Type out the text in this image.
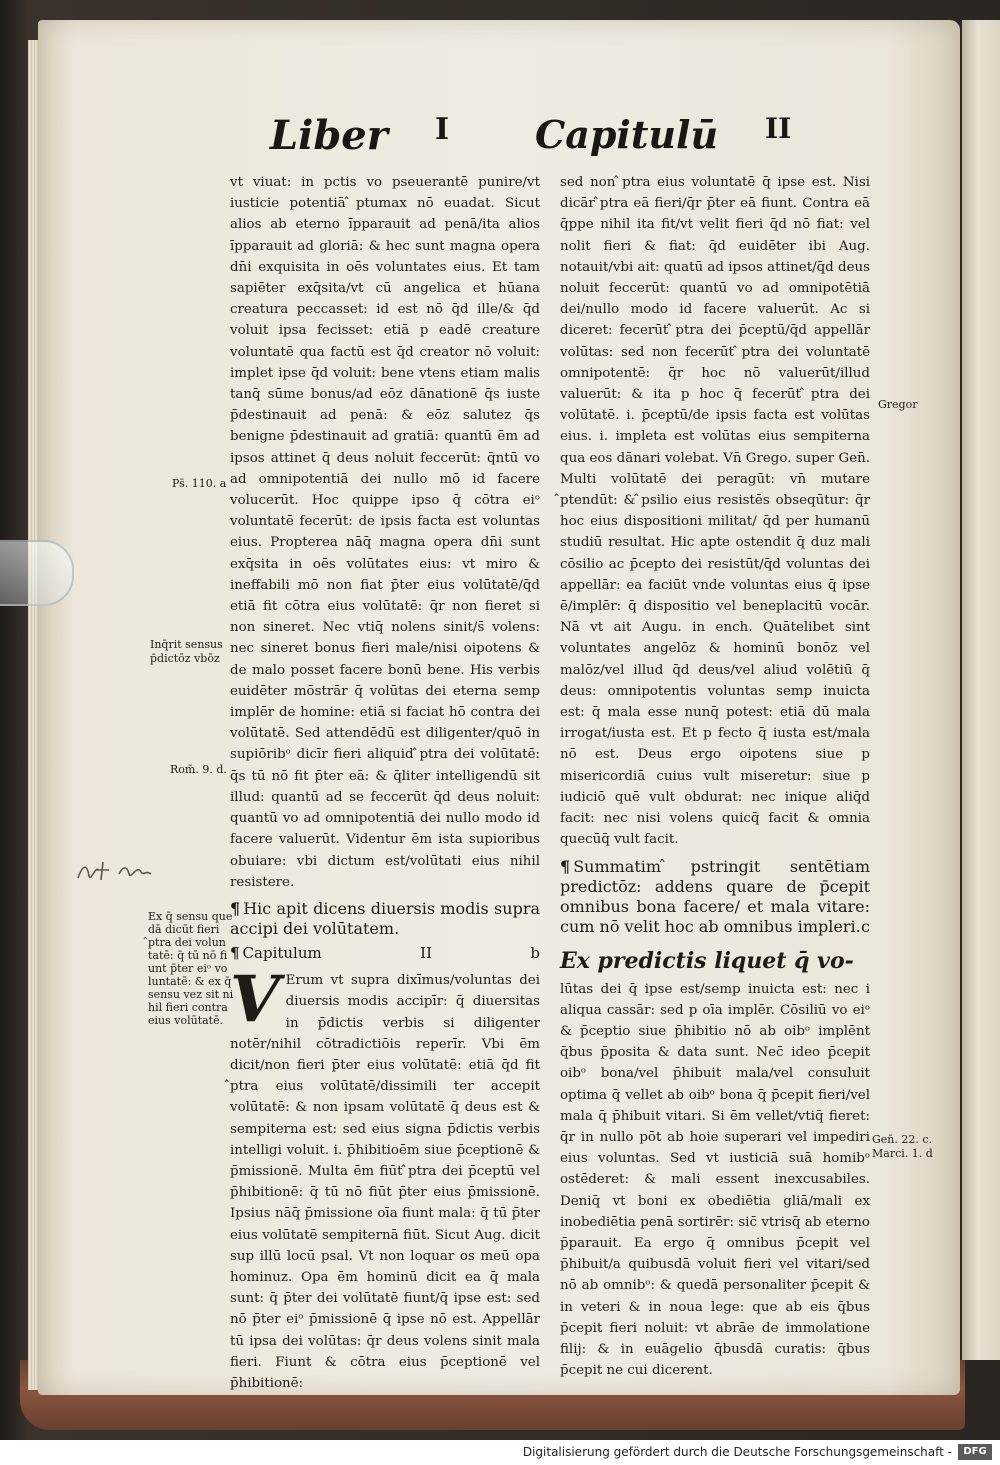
Liber I Capitulū II

vt viuat: in pctis vo pseuerantē punire/vt iusticie potentiā ̂ptumax nō euadat. Sicut alios ab eterno ı̄pparauit ad penā/ita alios ı̄pparauit ad gloriā: & hec sunt magna opera dn̄i exquisita in oēs voluntates eius. Et tam sapiēter exq̄sita/vt cū angelica et hūana creatura peccasset: id est nō q̄d ille/& q̄d voluit ipsa fecisset: etiā p eadē creature voluntatē qua factū est q̄d creator nō voluit: implet ipse q̄d voluit: bene vtens etiam malis tanq̄ sūme bonus/ad eōz dānationē q̄s iuste p̄destinauit ad penā: & eōz salutez q̄s benigne p̄destinauit ad gratiā: quantū ēm ad ipsos attinet q̄ deus noluit feccerūt: q̄ntū vo ad omnipotentiā dei nullo mō id facere volucerūt. Hoc quippe ipso q̄ cōtra eiᵒ voluntatē fecerūt: de ipsis facta est voluntas eius. Propterea nāq̄ magna opera dn̄i sunt exq̄sita in oēs volūtates eius: vt miro & ineffabili mō non fiat p̄ter eius volūtatē/q̄d etiā fit cōtra eius volūtatē: q̄r non fieret si non sineret. Nec vtiq̄ nolens sinit/s̄ volens: nec sineret bonus fieri male/nisi oipotens & de malo posset facere bonū bene. His verbis euidēter mōstrār q̄ volūtas dei eterna semp implēr de homine: etiā si faciat hō contra dei volūtatē. Sed attendēdū est diligenter/quō in supiōribᵒ dicīr fieri aliquid ̂ptra dei volūtatē: q̄s tū nō fit p̄ter eā: & q̄liter intelligendū sit illud: quantū ad se feccerūt q̄d deus noluit: quantū vo ad omnipotentiā dei nullo modo id facere valuerūt. Videntur ēm ista supioribus obuiare: vbi dictum est/volūtati eius nihil resistere.

¶ Hic apit dicens diuersis modis supra accipi dei volūtatem.

¶ Capitulum	II	b

V Erum vt supra dixīmus/voluntas dei diuersis modis accipīr: q̄ diuersitas in p̄dictis verbis si diligenter notēr/nihil cōtradictiōis reperīr. Vbi ēm dicit/non fieri p̄ter eius volūtatē: etiā q̄d fit ̂ptra eius volūtatē/dissimili ter accepit volūtatē: & non ipsam volūtatē q̄ deus est & sempiterna est: sed eius signa p̄dictis verbis intelligi voluit. i. p̄hibitioēm siue p̄ceptionē & p̄missionē. Multa ēm fiūt ̂ptra dei p̄ceptū vel p̄hibitionē: q̄ tū nō fiūt p̄ter eius p̄missionē. Ipsius nāq̄ p̄missione oīa fiunt mala: q̄ tū p̄ter eius volūtatē sempiternā fiūt. Sicut Aug. dicit sup illū locū psal. Vt non loquar os meū opa hominuz. Opa ēm hominū dicit ea q̄ mala sunt: q̄ p̄ter dei volūtatē fiunt/q̄ ipse est: sed nō p̄ter eiᵒ p̄missionē q̄ ipse nō est. Appellār tū ipsa dei volūtas: q̄r deus volens sinit mala fieri. Fiunt & cōtra eius p̄ceptionē vel p̄hibitionē:

sed non ̂ptra eius voluntatē q̄ ipse est. Nisi dicār ̂ptra eā fieri/q̄r p̄ter eā fiunt. Contra eā q̄ppe nihil ita fit/vt velit fieri q̄d nō fiat: vel nolit fieri & fiat: q̄d euidēter ibi Aug. notauit/vbi ait: quatū ad ipsos attinet/q̄d deus noluit feccerūt: quantū vo ad omnipotētiā dei/nullo modo id facere valuerūt. Ac si diceret: fecerūt ̂ptra dei p̄ceptū/q̄d appellār volūtas: sed non fecerūt ̂ptra dei voluntatē omnipotentē: q̄r hoc nō valuerūt/illud valuerūt: & ita p hoc q̄ fecerūt ̂ptra dei volūtatē. i. p̄ceptū/de ipsis facta est volūtas eius. i. impleta est volūtas eius sempiterna qua eos dānari volebat. Vn̄ Grego. super Gen̄. Multi volūtatē dei peragūt: vn̄ mutare ̂ptendūt: & ̂psilio eius resistēs obseqūtur: q̄r hoc eius dispositioni militat/ q̄d per humanū studiū resultat. Hic apte ostendit q̄ duz mali cōsilio ac p̄cepto dei resistūt/q̄d voluntas dei appellār: ea faciūt vnde voluntas eius q̄ ipse ē/implēr: q̄ dispositio vel beneplacitū vocār. Nā vt ait Augu. in ench. Quātelibet sint voluntates angelōz & hominū bonōz vel malōz/vel illud q̄d deus/vel aliud volētiū q̄ deus: omnipotentis voluntas semp inuicta est: q̄ mala esse nunq̄ potest: etiā dū mala irrogat/iusta est. Et p fecto q̄ iusta est/mala nō est. Deus ergo oipotens siue p misericordiā cuius vult miseretur: siue p iudiciō quē vult obdurat: nec inique aliq̄d facit: nec nisi volens quicq̄ facit & omnia quecūq̄ vult facit.

¶ Summatim ̂pstringit sentētiam predictōz: addens quare de p̄cepit omnibus bona facere/ et mala vitare: cum nō velit hoc ab omnibus impleri. c

Ex predictis liquet q̄ vo-

lūtas dei q̄ ipse est/semp inuicta est: nec i aliqua cassār: sed p oīa implēr. Cōsiliū vo eiᵒ & p̄ceptio siue p̄hibitio nō ab oibᵒ implēnt q̄bus p̄posita & data sunt. Nec̄ ideo p̄cepit oibᵒ bona/vel p̄hibuit mala/vel consuluit optima q̄ vellet ab oibᵒ bona q̄ p̄cepit fieri/vel mala q̄ p̄hibuit vitari. Si ēm vellet/vtiq̄ fieret: q̄r in nullo pōt ab hoie superari vel impediri eius voluntas. Sed vt iusticiā suā homibᵒ ostēderet: & mali essent inexcusabiles. Deniq̄ vt boni ex obediētia gliā/mali ex inobediētia penā sortirēr: sic̄ vtrisq̄ ab eterno p̄parauit. Ea ergo q̄ omnibus p̄cepit vel p̄hibuit/a quibusdā voluit fieri vel vitari/sed nō ab omnibᵒ: & quedā personaliter p̄cepit & in veteri & in noua lege: que ab eis q̄bus p̄cepit fieri noluit: vt abrāe de immolatione filij: & in euāgelio q̄busdā curatis: q̄bus p̄cepit ne cui dicerent.

Ps̄. 110. a
Inq̄rit sensus
p̄dictōz vbōz
Rom̄. 9. d.
Gregor
Gen̄. 22. c.
Marci. 1. d
Ex q̄ sensu que
dā dicūt fieri
̂ptra dei volun
tatē: q̄ tū nō fi
unt p̄ter eiᵒ vo
luntatē: & ex q̄
sensu vez sit ni
hil fieri contra
eius volūtatē.
Digitalisierung gefördert durch die Deutsche Forschungsgemeinschaft -	DFG
